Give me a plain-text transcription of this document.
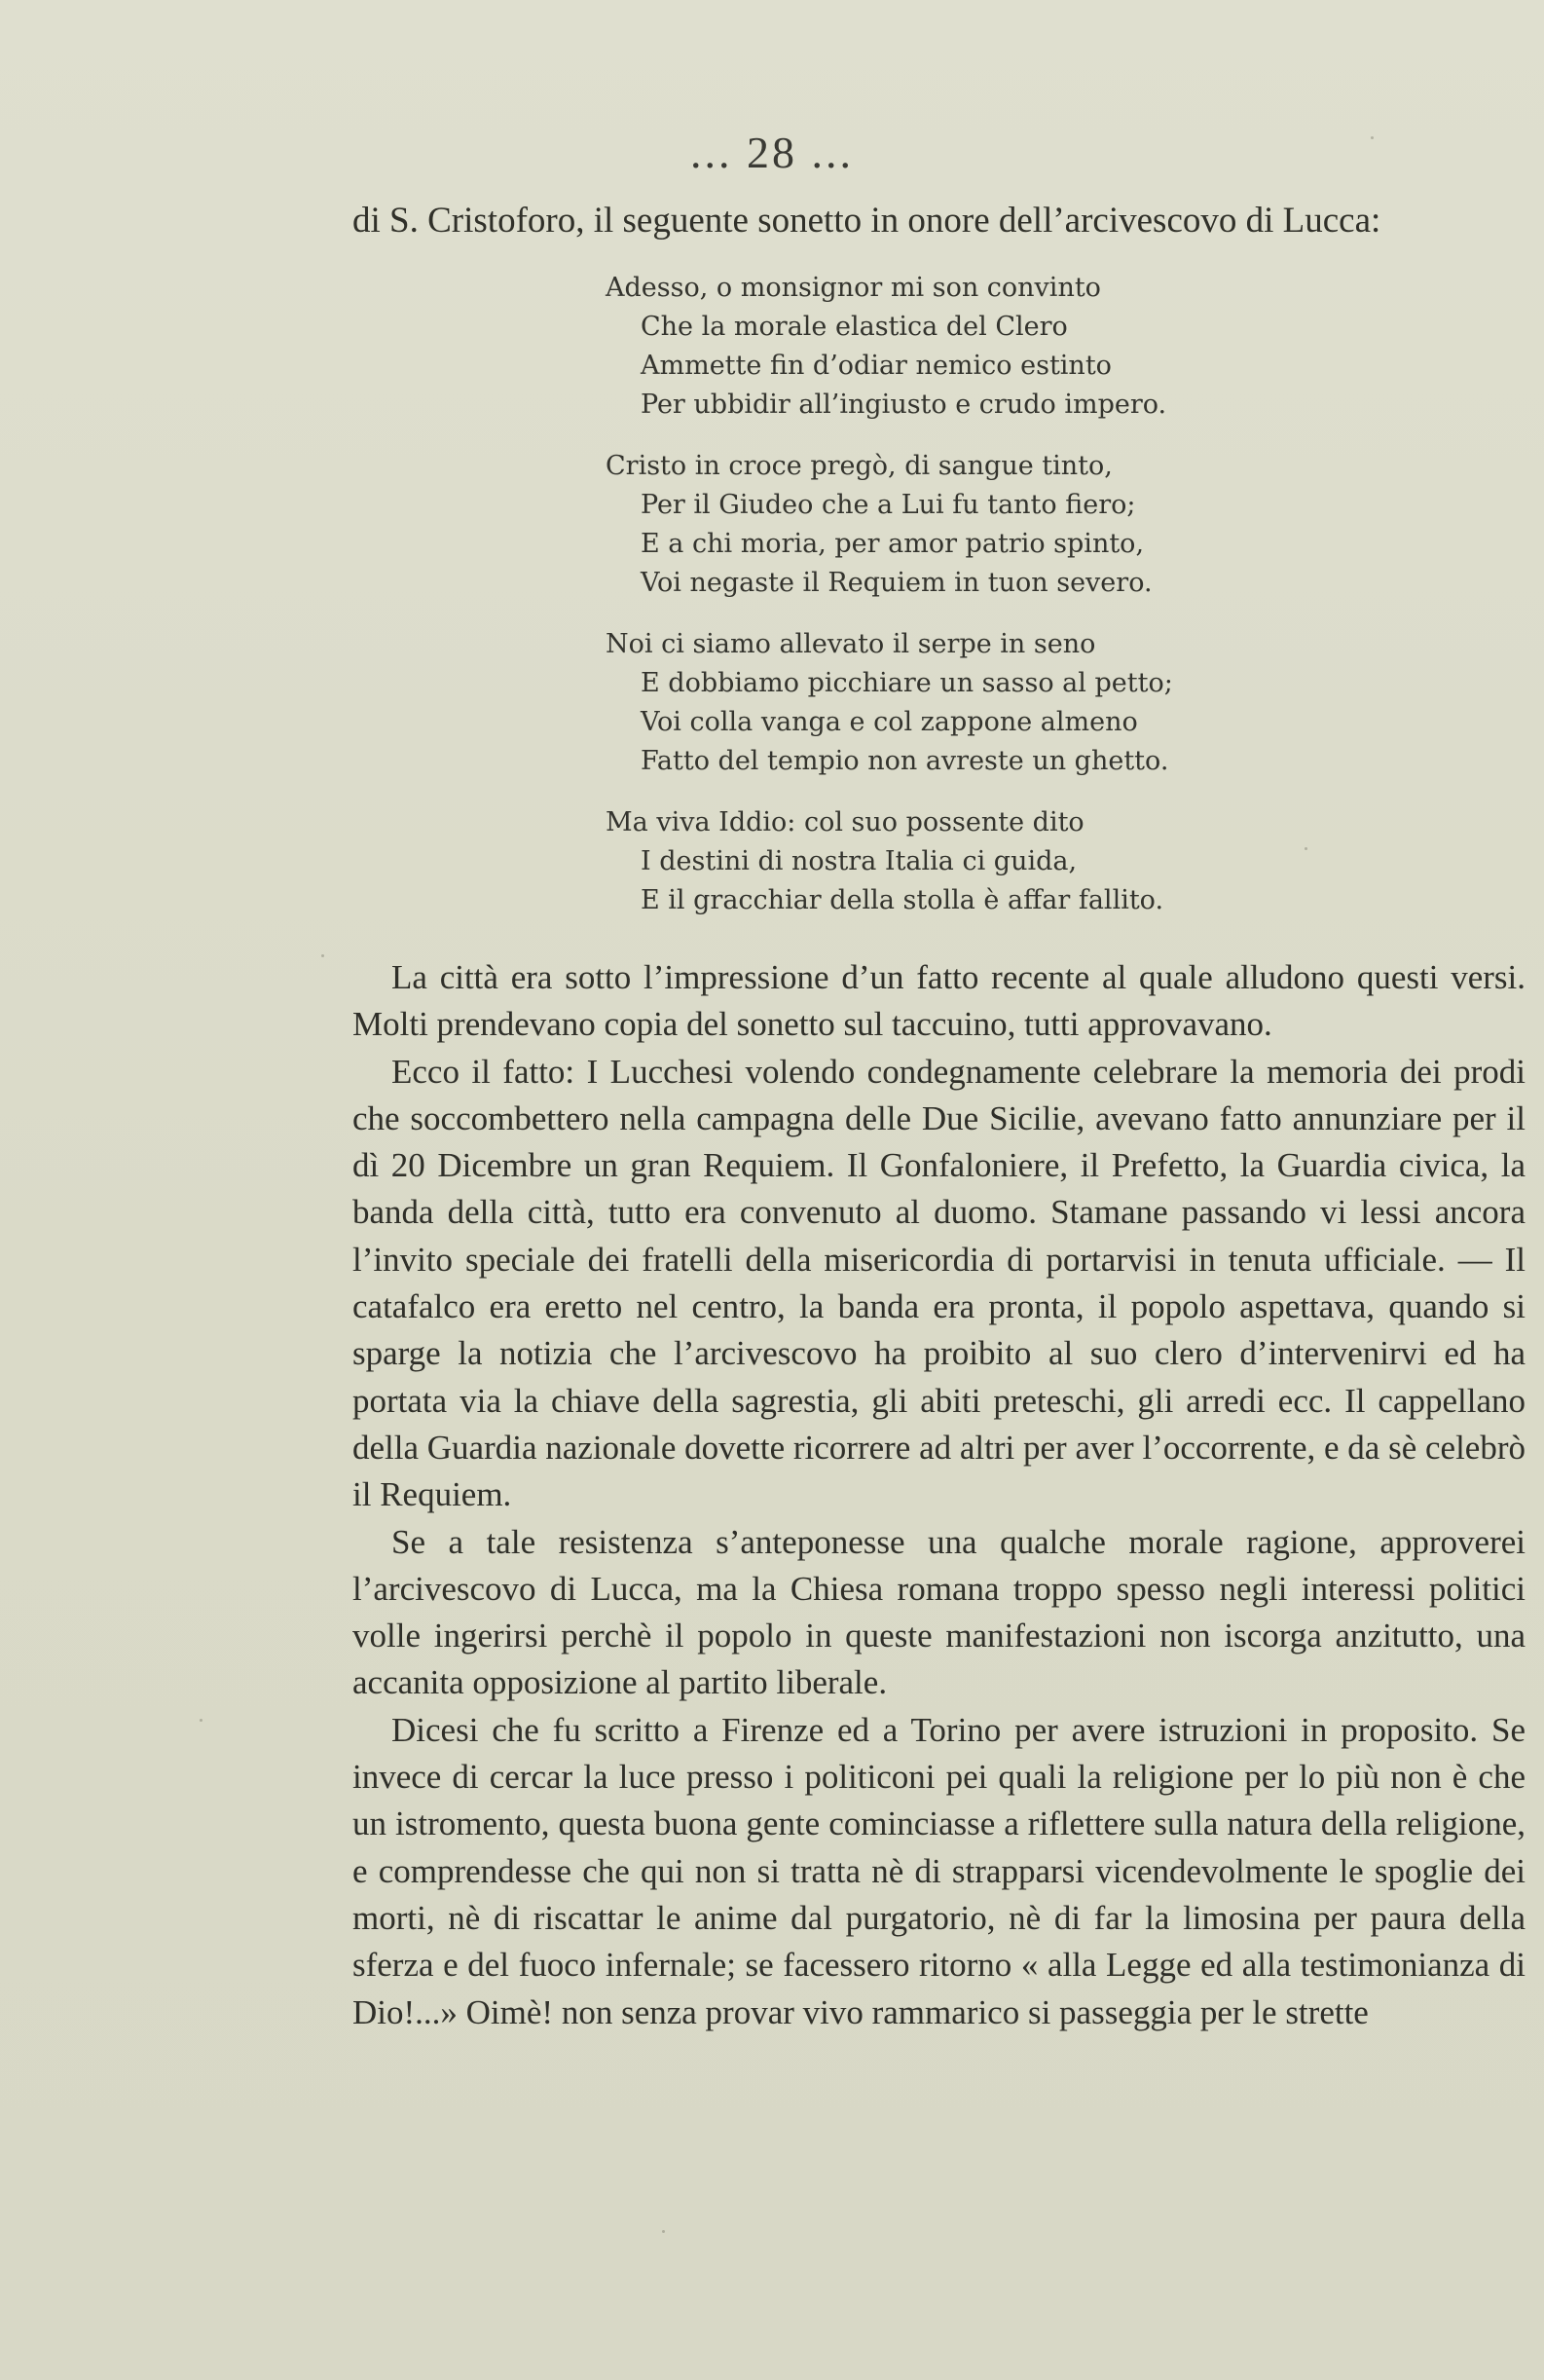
... 28 ...
di S. Cristoforo, il seguente sonetto in onore dell’arcivescovo di Lucca:
Adesso, o monsignor mi son convinto
Che la morale elastica del Clero
Ammette fin d’odiar nemico estinto
Per ubbidir all’ingiusto e crudo impero.
Cristo in croce pregò, di sangue tinto,
Per il Giudeo che a Lui fu tanto fiero;
E a chi moria, per amor patrio spinto,
Voi negaste il Requiem in tuon severo.
Noi ci siamo allevato il serpe in seno
E dobbiamo picchiare un sasso al petto;
Voi colla vanga e col zappone almeno
Fatto del tempio non avreste un ghetto.
Ma viva Iddio: col suo possente dito
I destini di nostra Italia ci guida,
E il gracchiar della stolla è affar fallito.

La città era sotto l’impressione d’un fatto recente al quale alludono questi versi. Molti prendevano copia del sonetto sul taccuino, tutti approvavano.

Ecco il fatto: I Lucchesi volendo condegnamente celebrare la memoria dei prodi che soccombettero nella campagna delle Due Sicilie, avevano fatto annunziare per il dì 20 Dicembre un gran Requiem. Il Gonfaloniere, il Prefetto, la Guardia civica, la banda della città, tutto era convenuto al duomo. Stamane passando vi lessi ancora l’invito speciale dei fratelli della misericordia di portarvisi in tenuta ufficiale. — Il catafalco era eretto nel centro, la banda era pronta, il popolo aspettava, quando si sparge la notizia che l’arcivescovo ha proibito al suo clero d’intervenirvi ed ha portata via la chiave della sagrestia, gli abiti preteschi, gli arredi ecc. Il cappellano della Guardia nazionale dovette ricorrere ad altri per aver l’occorrente, e da sè celebrò il Requiem.

Se a tale resistenza s’anteponesse una qualche morale ragione, approverei l’arcivescovo di Lucca, ma la Chiesa romana troppo spesso negli interessi politici volle ingerirsi perchè il popolo in queste manifestazioni non iscorga anzitutto, una accanita opposizione al partito liberale.

Dicesi che fu scritto a Firenze ed a Torino per avere istruzioni in proposito. Se invece di cercar la luce presso i politiconi pei quali la religione per lo più non è che un istromento, questa buona gente cominciasse a riflettere sulla natura della religione, e comprendesse che qui non si tratta nè di strapparsi vicendevolmente le spoglie dei morti, nè di riscattar le anime dal purgatorio, nè di far la limosina per paura della sferza e del fuoco infernale; se facessero ritorno « alla Legge ed alla testimonianza di Dio!...» Oimè! non senza provar vivo rammarico si passeggia per le strette
